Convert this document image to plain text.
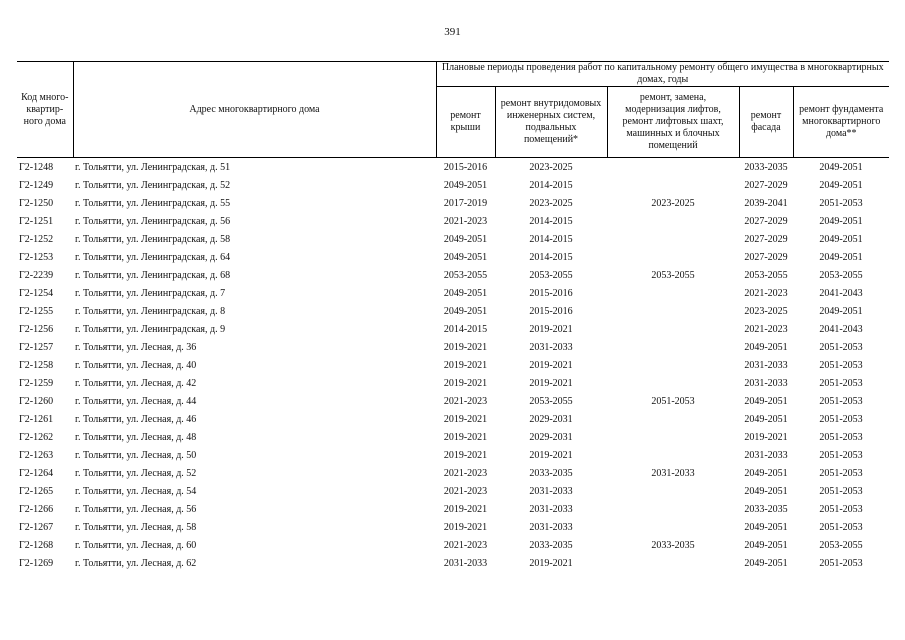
391
Код много-квартир-ного дома	Адрес многоквартирного дома	Плановые периоды проведения работ по капитальному ремонту общего имущества в многоквартирных домах, годы				
		ремонт крыши	ремонт внутридомовых инженерных систем, подвальных помещений*	ремонт, замена, модернизация лифтов, ремонт лифтовых шахт, машинных и блочных помещений	ремонт фасада	ремонт фундамента многоквартирного дома**
Г2-1248	г. Тольятти, ул. Ленинградская, д. 51	2015-2016	2023-2025		2033-2035	2049-2051
Г2-1249	г. Тольятти, ул. Ленинградская, д. 52	2049-2051	2014-2015		2027-2029	2049-2051
Г2-1250	г. Тольятти, ул. Ленинградская, д. 55	2017-2019	2023-2025	2023-2025	2039-2041	2051-2053
Г2-1251	г. Тольятти, ул. Ленинградская, д. 56	2021-2023	2014-2015		2027-2029	2049-2051
Г2-1252	г. Тольятти, ул. Ленинградская, д. 58	2049-2051	2014-2015		2027-2029	2049-2051
Г2-1253	г. Тольятти, ул. Ленинградская, д. 64	2049-2051	2014-2015		2027-2029	2049-2051
Г2-2239	г. Тольятти, ул. Ленинградская, д. 68	2053-2055	2053-2055	2053-2055	2053-2055	2053-2055
Г2-1254	г. Тольятти, ул. Ленинградская, д. 7	2049-2051	2015-2016		2021-2023	2041-2043
Г2-1255	г. Тольятти, ул. Ленинградская, д. 8	2049-2051	2015-2016		2023-2025	2049-2051
Г2-1256	г. Тольятти, ул. Ленинградская, д. 9	2014-2015	2019-2021		2021-2023	2041-2043
Г2-1257	г. Тольятти, ул. Лесная, д. 36	2019-2021	2031-2033		2049-2051	2051-2053
Г2-1258	г. Тольятти, ул. Лесная, д. 40	2019-2021	2019-2021		2031-2033	2051-2053
Г2-1259	г. Тольятти, ул. Лесная, д. 42	2019-2021	2019-2021		2031-2033	2051-2053
Г2-1260	г. Тольятти, ул. Лесная, д. 44	2021-2023	2053-2055	2051-2053	2049-2051	2051-2053
Г2-1261	г. Тольятти, ул. Лесная, д. 46	2019-2021	2029-2031		2049-2051	2051-2053
Г2-1262	г. Тольятти, ул. Лесная, д. 48	2019-2021	2029-2031		2019-2021	2051-2053
Г2-1263	г. Тольятти, ул. Лесная, д. 50	2019-2021	2019-2021		2031-2033	2051-2053
Г2-1264	г. Тольятти, ул. Лесная, д. 52	2021-2023	2033-2035	2031-2033	2049-2051	2051-2053
Г2-1265	г. Тольятти, ул. Лесная, д. 54	2021-2023	2031-2033		2049-2051	2051-2053
Г2-1266	г. Тольятти, ул. Лесная, д. 56	2019-2021	2031-2033		2033-2035	2051-2053
Г2-1267	г. Тольятти, ул. Лесная, д. 58	2019-2021	2031-2033		2049-2051	2051-2053
Г2-1268	г. Тольятти, ул. Лесная, д. 60	2021-2023	2033-2035	2033-2035	2049-2051	2053-2055
Г2-1269	г. Тольятти, ул. Лесная, д. 62	2031-2033	2019-2021		2049-2051	2051-2053
